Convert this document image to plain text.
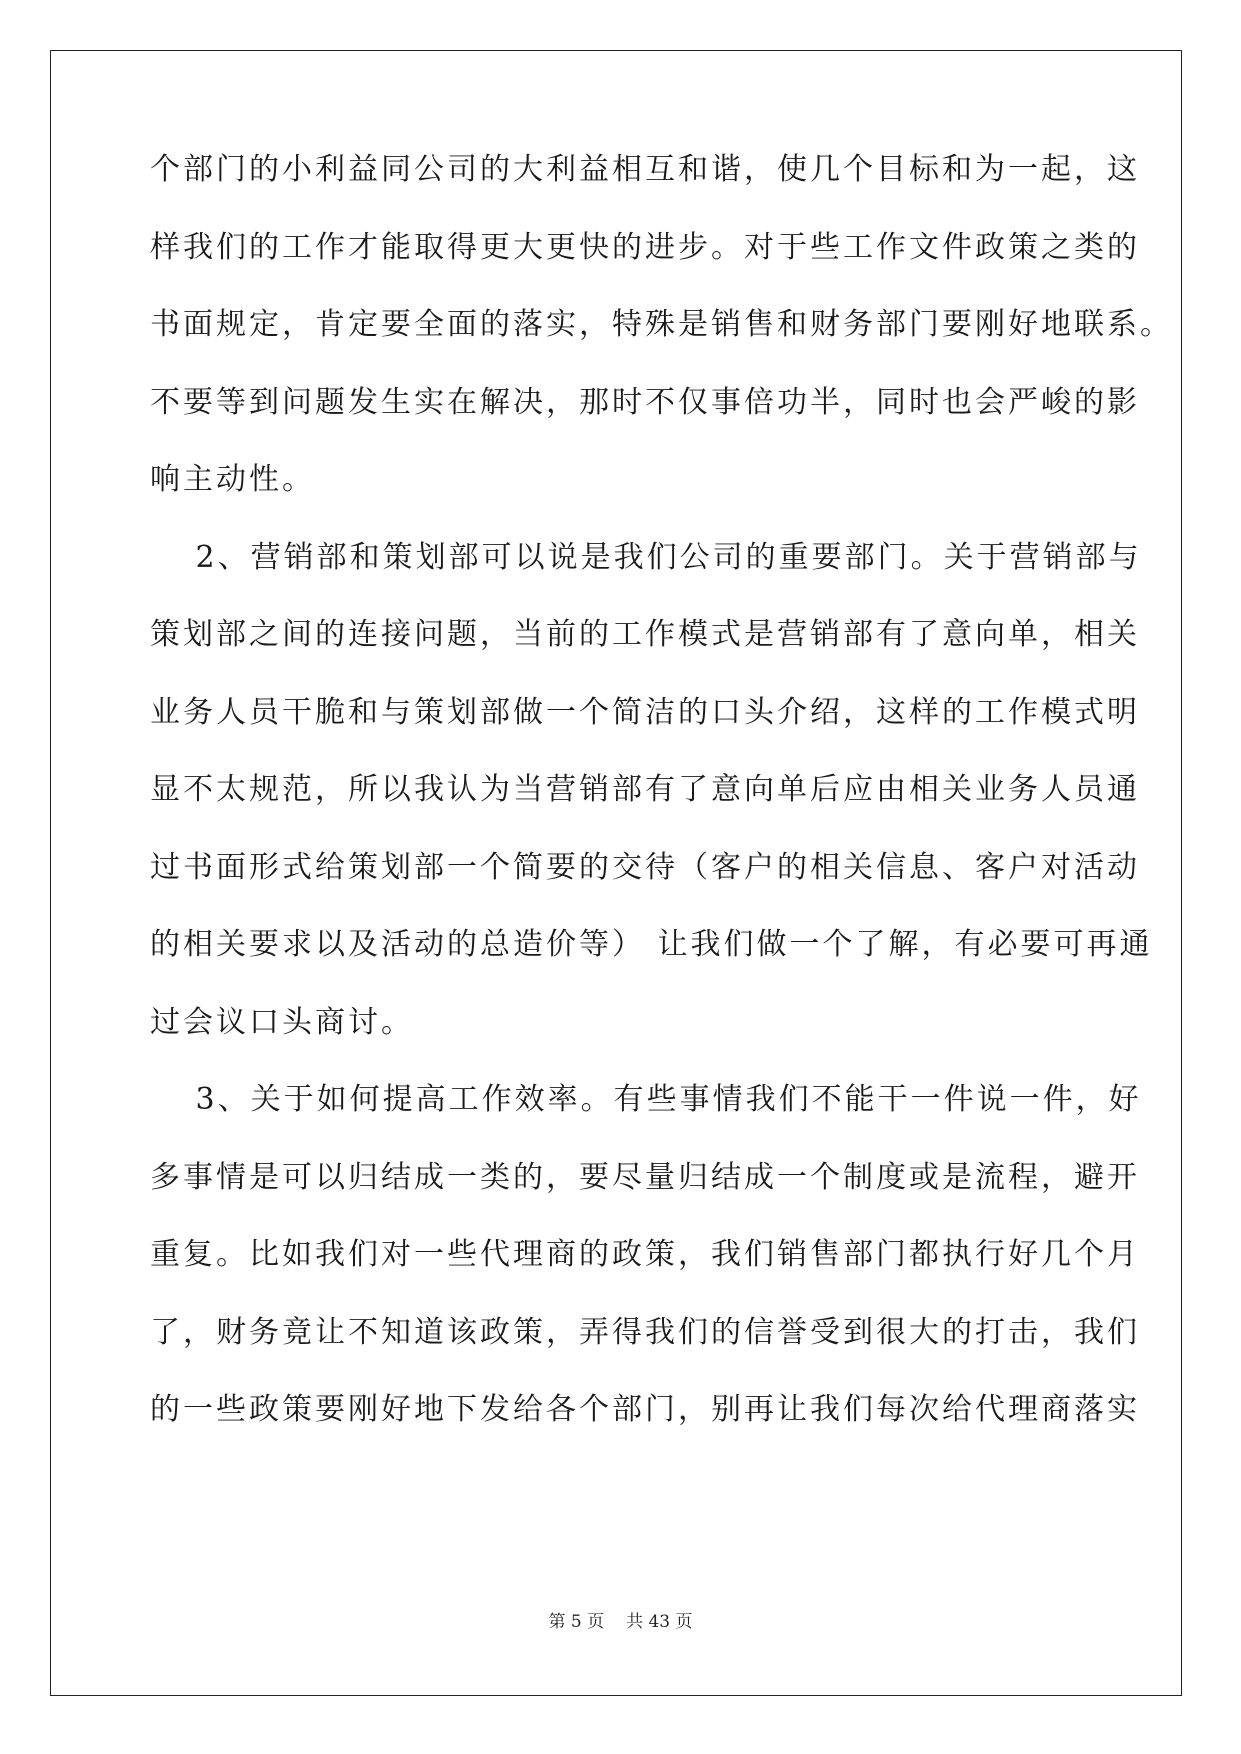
个部门的小利益同公司的大利益相互和谐，使几个目标和为一起，这
样我们的工作才能取得更大更快的进步。对于些工作文件政策之类的
书面规定，肯定要全面的落实，特殊是销售和财务部门要刚好地联系。
不要等到问题发生实在解决，那时不仅事倍功半，同时也会严峻的影
响主动性。
　 2、营销部和策划部可以说是我们公司的重要部门。关于营销部与
策划部之间的连接问题，当前的工作模式是营销部有了意向单，相关
业务人员干脆和与策划部做一个简洁的口头介绍，这样的工作模式明
显不太规范，所以我认为当营销部有了意向单后应由相关业务人员通
过书面形式给策划部一个简要的交待（客户的相关信息、客户对活动
的相关要求以及活动的总造价等） 让我们做一个了解，有必要可再通
过会议口头商讨。
　 3、关于如何提高工作效率。有些事情我们不能干一件说一件，好
多事情是可以归结成一类的，要尽量归结成一个制度或是流程，避开
重复。比如我们对一些代理商的政策，我们销售部门都执行好几个月
了，财务竟让不知道该政策，弄得我们的信誉受到很大的打击，我们
的一些政策要刚好地下发给各个部门，别再让我们每次给代理商落实
第 5 页 共 43 页
